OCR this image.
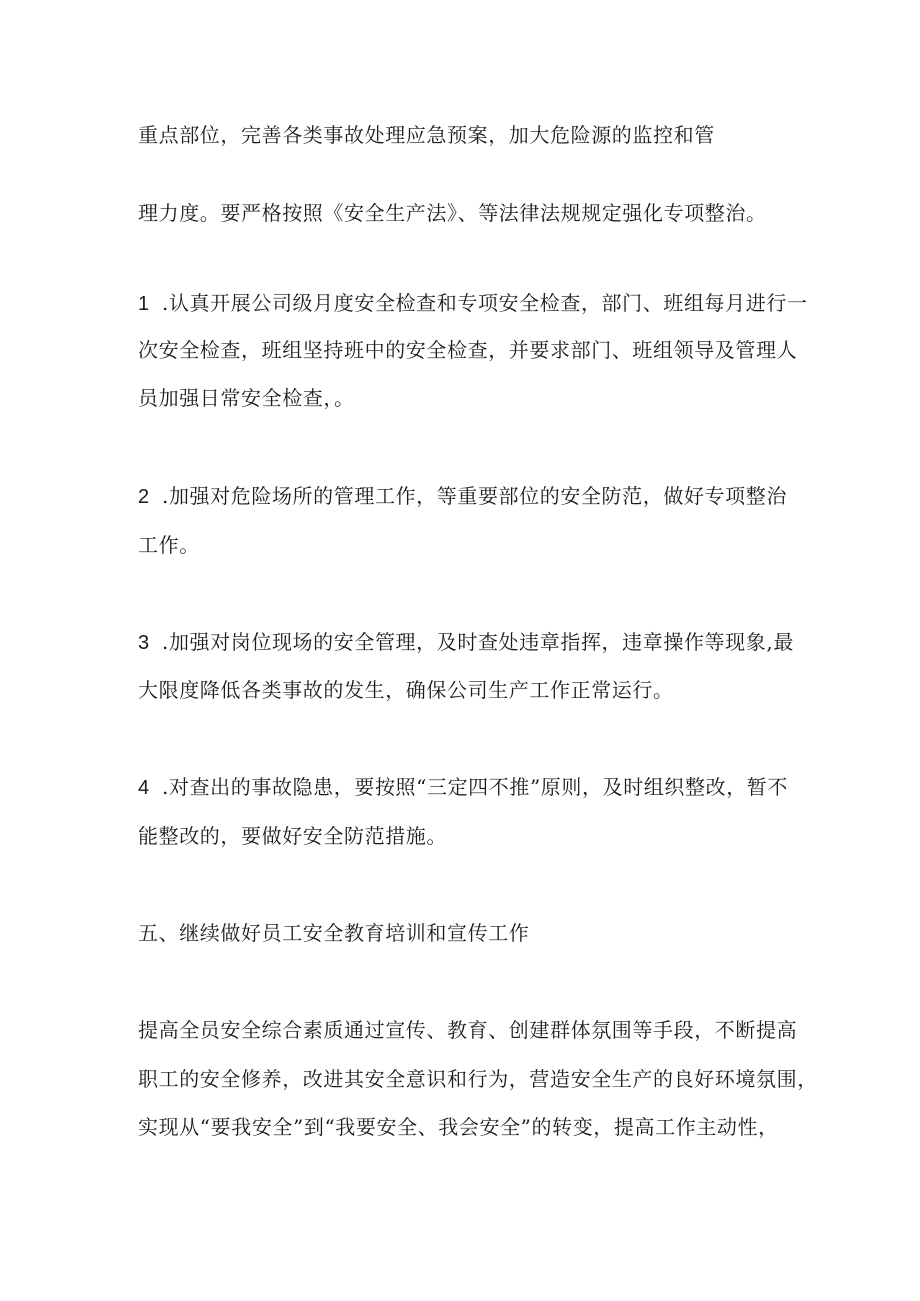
重点部位，完善各类事故处理应急预案，加大危险源的监控和管
理力度。要严格按照《安全生产法》、等法律法规规定强化专项整治。
1 .认真开展公司级月度安全检查和专项安全检查，部门、班组每月进行一
次安全检查，班组坚持班中的安全检查，并要求部门、班组领导及管理人
员加强日常安全检查，。
2 .加强对危险场所的管理工作，等重要部位的安全防范，做好专项整治
工作。
3 .加强对岗位现场的安全管理，及时查处违章指挥，违章操作等现象,最
大限度降低各类事故的发生，确保公司生产工作正常运行。
4 .对查出的事故隐患，要按照“三定四不推”原则，及时组织整改，暂不
能整改的，要做好安全防范措施。
五、继续做好员工安全教育培训和宣传工作
提高全员安全综合素质通过宣传、教育、创建群体氛围等手段，不断提高
职工的安全修养，改进其安全意识和行为，营造安全生产的良好环境氛围，
实现从“要我安全”到“我要安全、我会安全”的转变，提高工作主动性，
